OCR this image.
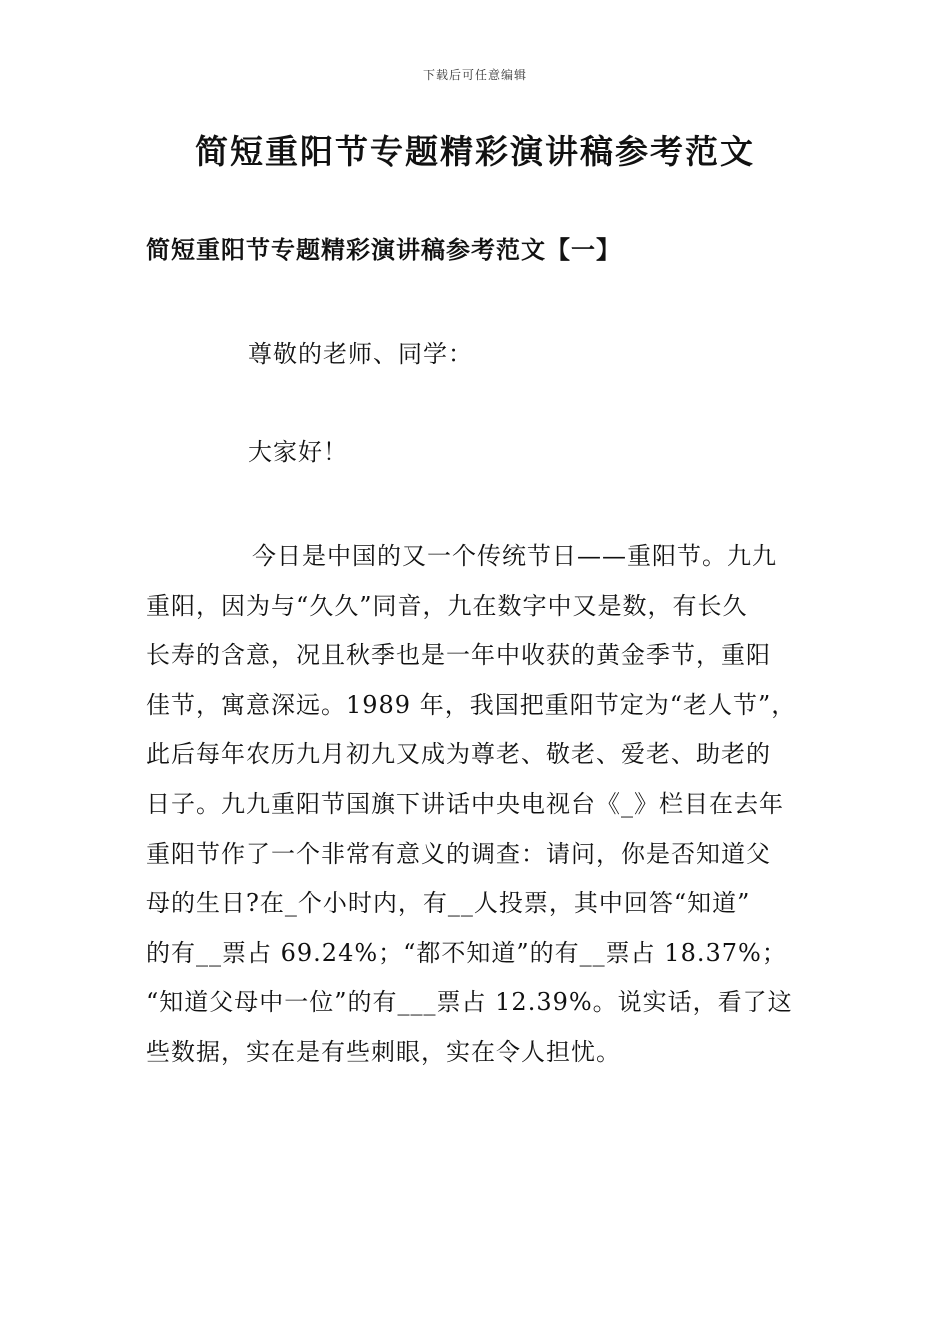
下载后可任意编辑
简短重阳节专题精彩演讲稿参考范文
简短重阳节专题精彩演讲稿参考范文【一】
尊敬的老师、同学：
大家好！

今日是中国的又一个传统节日——重阳节。九九
重阳，因为与“久久”同音，九在数字中又是数，有长久
长寿的含意，况且秋季也是一年中收获的黄金季节，重阳
佳节，寓意深远。1989 年，我国把重阳节定为“老人节”，
此后每年农历九月初九又成为尊老、敬老、爱老、助老的
日子。九九重阳节国旗下讲话中央电视台《_》栏目在去年
重阳节作了一个非常有意义的调查：请问，你是否知道父
母的生日?在_个小时内，有__人投票，其中回答“知道”
的有__票占 69.24%；“都不知道”的有__票占 18.37%；
“知道父母中一位”的有___票占 12.39%。说实话，看了这
些数据，实在是有些刺眼，实在令人担忧。
